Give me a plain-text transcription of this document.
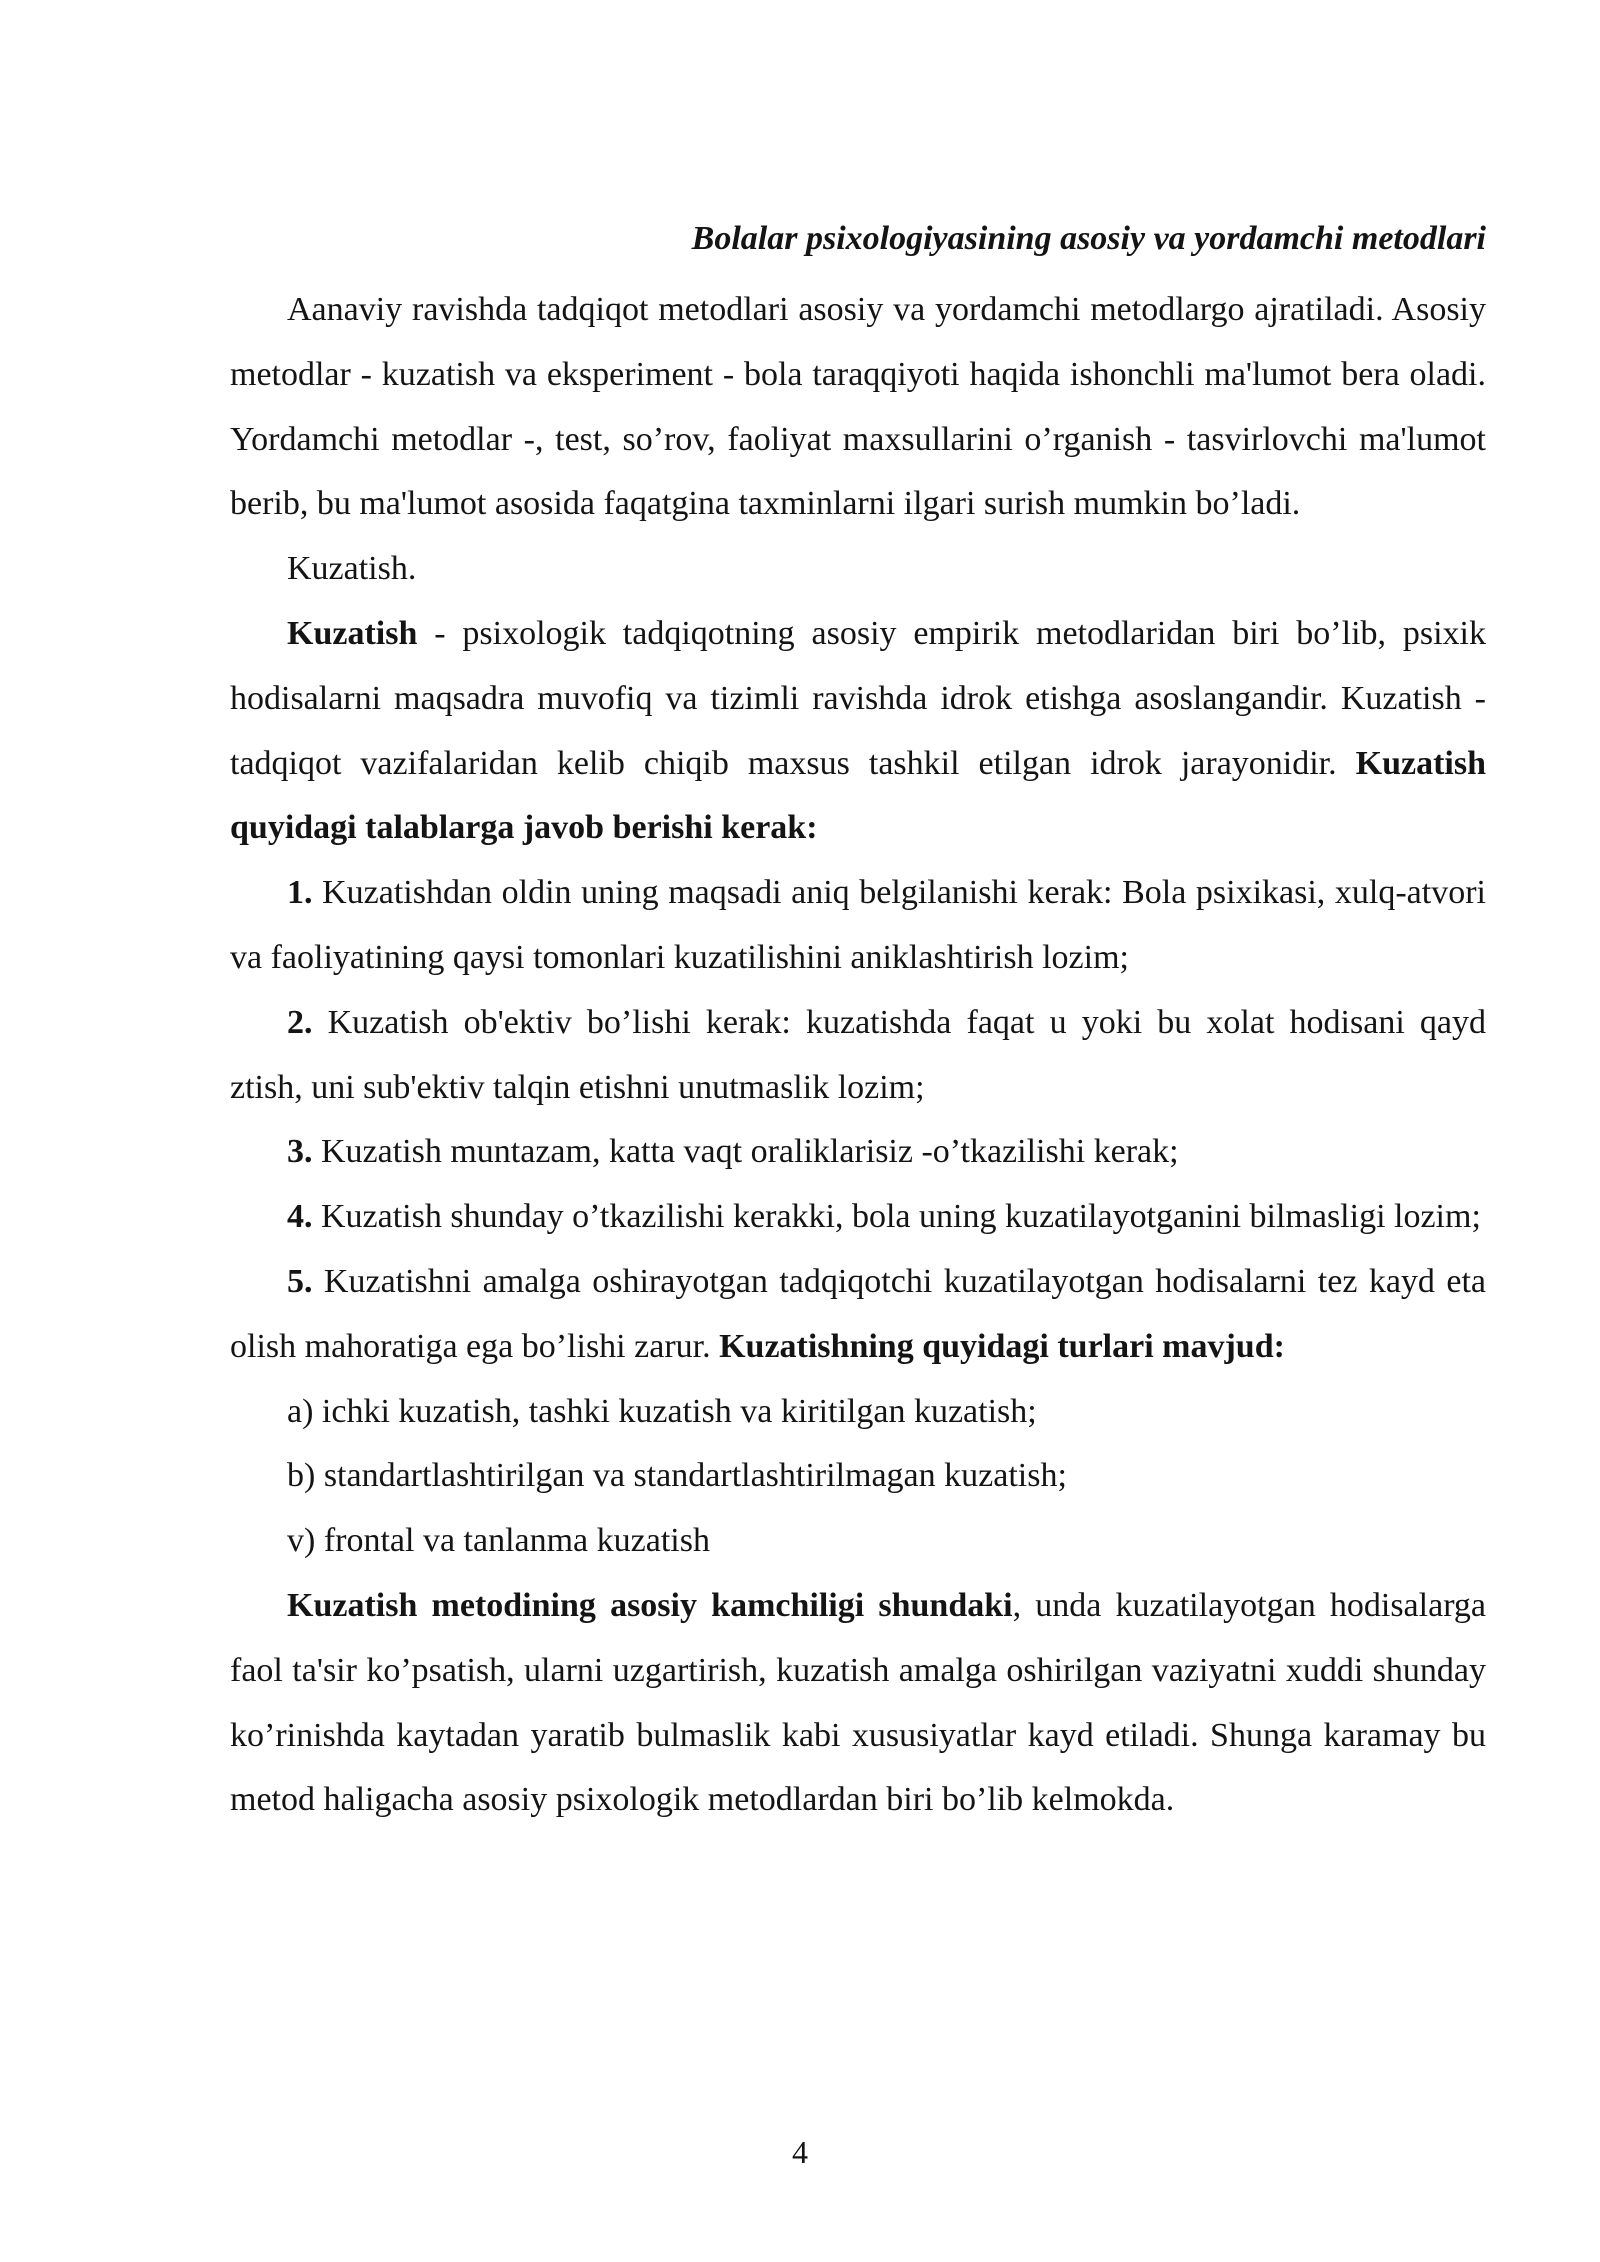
Bolalar psixologiyasining asosiy va yordamchi metodlari

Aanaviy ravishda tadqiqot metodlari asosiy va yordamchi metodlargo ajratiladi. Asosiy metodlar - kuzatish va eksperiment - bola taraqqiyoti haqida ishonchli ma'lumot bera oladi. Yordamchi metodlar -, test, so’rov, faoliyat maxsullarini o’rganish - tasvirlovchi ma'lumot berib, bu ma'lumot asosida faqatgina taxminlarni ilgari surish mumkin bo’ladi.

Kuzatish.

Kuzatish - psixologik tadqiqotning asosiy empirik metodlaridan biri bo’lib, psixik hodisalarni maqsadra muvofiq va tizimli ravishda idrok etishga asoslangandir. Kuzatish - tadqiqot vazifalaridan kelib chiqib maxsus tashkil etilgan idrok jarayonidir. Kuzatish quyidagi talablarga javob berishi kerak:

1. Kuzatishdan oldin uning maqsadi aniq belgilanishi kerak: Bola psixikasi, xulq-atvori va faoliyatining qaysi tomonlari kuzatilishini aniklashtirish lozim;

2. Kuzatish ob'ektiv bo’lishi kerak: kuzatishda faqat u yoki bu xolat hodisani qayd ztish, uni sub'ektiv talqin etishni unutmaslik lozim;

3. Kuzatish muntazam, katta vaqt oraliklarisiz -o’tkazilishi kerak;

4. Kuzatish shunday o’tkazilishi kerakki, bola uning kuzatilayotganini bilmasligi lozim;

5. Kuzatishni amalga oshirayotgan tadqiqotchi kuzatilayotgan hodisalarni tez kayd eta olish mahoratiga ega bo’lishi zarur. Kuzatishning quyidagi turlari mavjud:

a) ichki kuzatish, tashki kuzatish va kiritilgan kuzatish;

b) standartlashtirilgan va standartlashtirilmagan kuzatish;

v) frontal va tanlanma kuzatish

Kuzatish metodining asosiy kamchiligi shundaki, unda kuzatilayotgan hodisalarga faol ta'sir ko’psatish, ularni uzgartirish, kuzatish amalga oshirilgan vaziyatni xuddi shunday ko’rinishda kaytadan yaratib bulmaslik kabi xususiyatlar kayd etiladi. Shunga karamay bu metod haligacha asosiy psixologik metodlardan biri bo’lib kelmokda.

4
